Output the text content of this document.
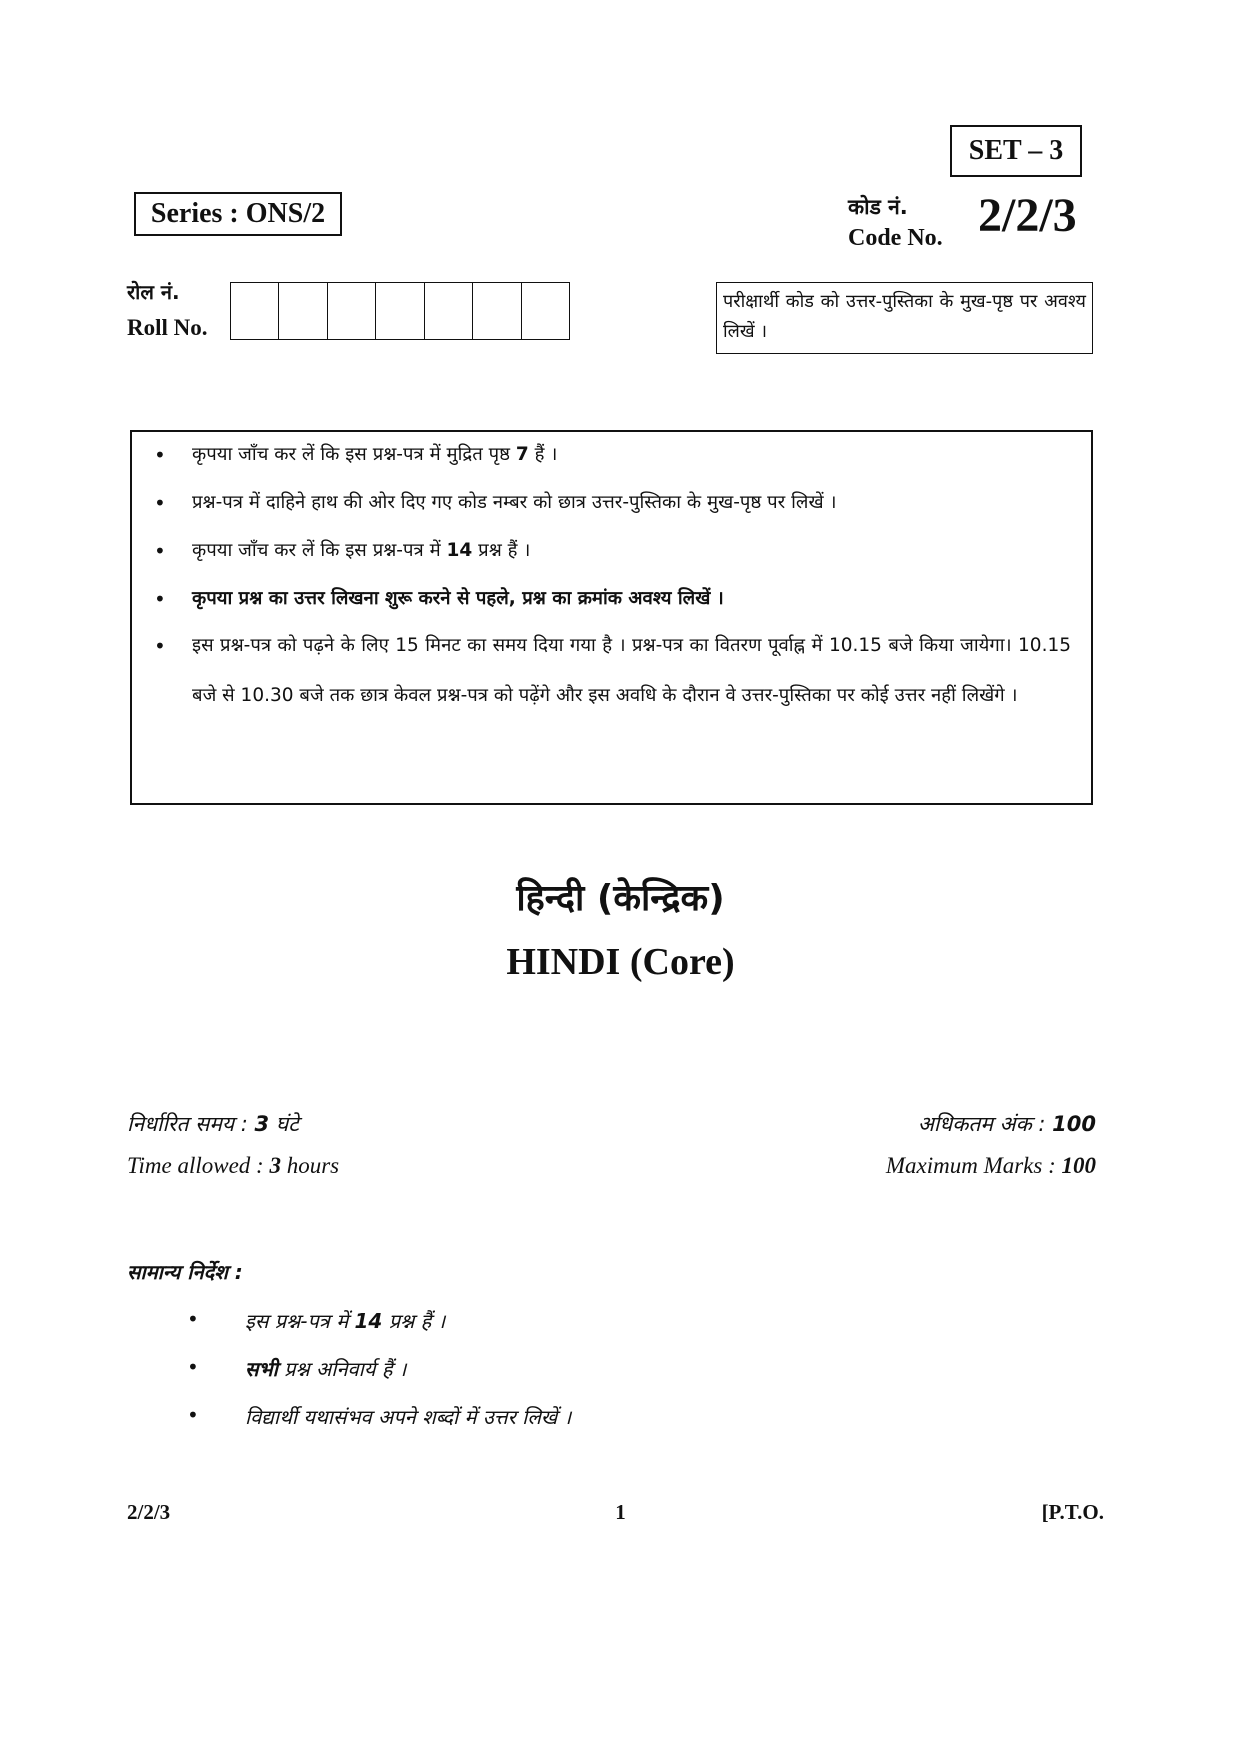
SET – 3
Series : ONS/2	कोड नं.
Code No. 2/2/3
रोल नं.
Roll No.
परीक्षार्थी कोड को उत्तर-पुस्तिका के मुख-पृष्ठ पर अवश्य लिखें ।
• कृपया जाँच कर लें कि इस प्रश्न-पत्र में मुद्रित पृष्ठ 7 हैं ।
• प्रश्न-पत्र में दाहिने हाथ की ओर दिए गए कोड नम्बर को छात्र उत्तर-पुस्तिका के मुख-पृष्ठ पर लिखें ।
• कृपया जाँच कर लें कि इस प्रश्न-पत्र में 14 प्रश्न हैं ।
• कृपया प्रश्न का उत्तर लिखना शुरू करने से पहले, प्रश्न का क्रमांक अवश्य लिखें ।
• इस प्रश्न-पत्र को पढ़ने के लिए 15 मिनट का समय दिया गया है । प्रश्न-पत्र का वितरण पूर्वाह्न में 10.15 बजे किया जायेगा। 10.15 बजे से 10.30 बजे तक छात्र केवल प्रश्न-पत्र को पढ़ेंगे और इस अवधि के दौरान वे उत्तर-पुस्तिका पर कोई उत्तर नहीं लिखेंगे ।
हिन्दी (केन्द्रिक)
HINDI (Core)
निर्धारित समय : 3 घंटे
Time allowed : 3 hours
अधिकतम अंक : 100
Maximum Marks : 100
सामान्य निर्देश :
• इस प्रश्न-पत्र में 14 प्रश्न हैं ।
• सभी प्रश्न अनिवार्य हैं ।
• विद्यार्थी यथासंभव अपने शब्दों में उत्तर लिखें ।
2/2/3	1	[P.T.O.
